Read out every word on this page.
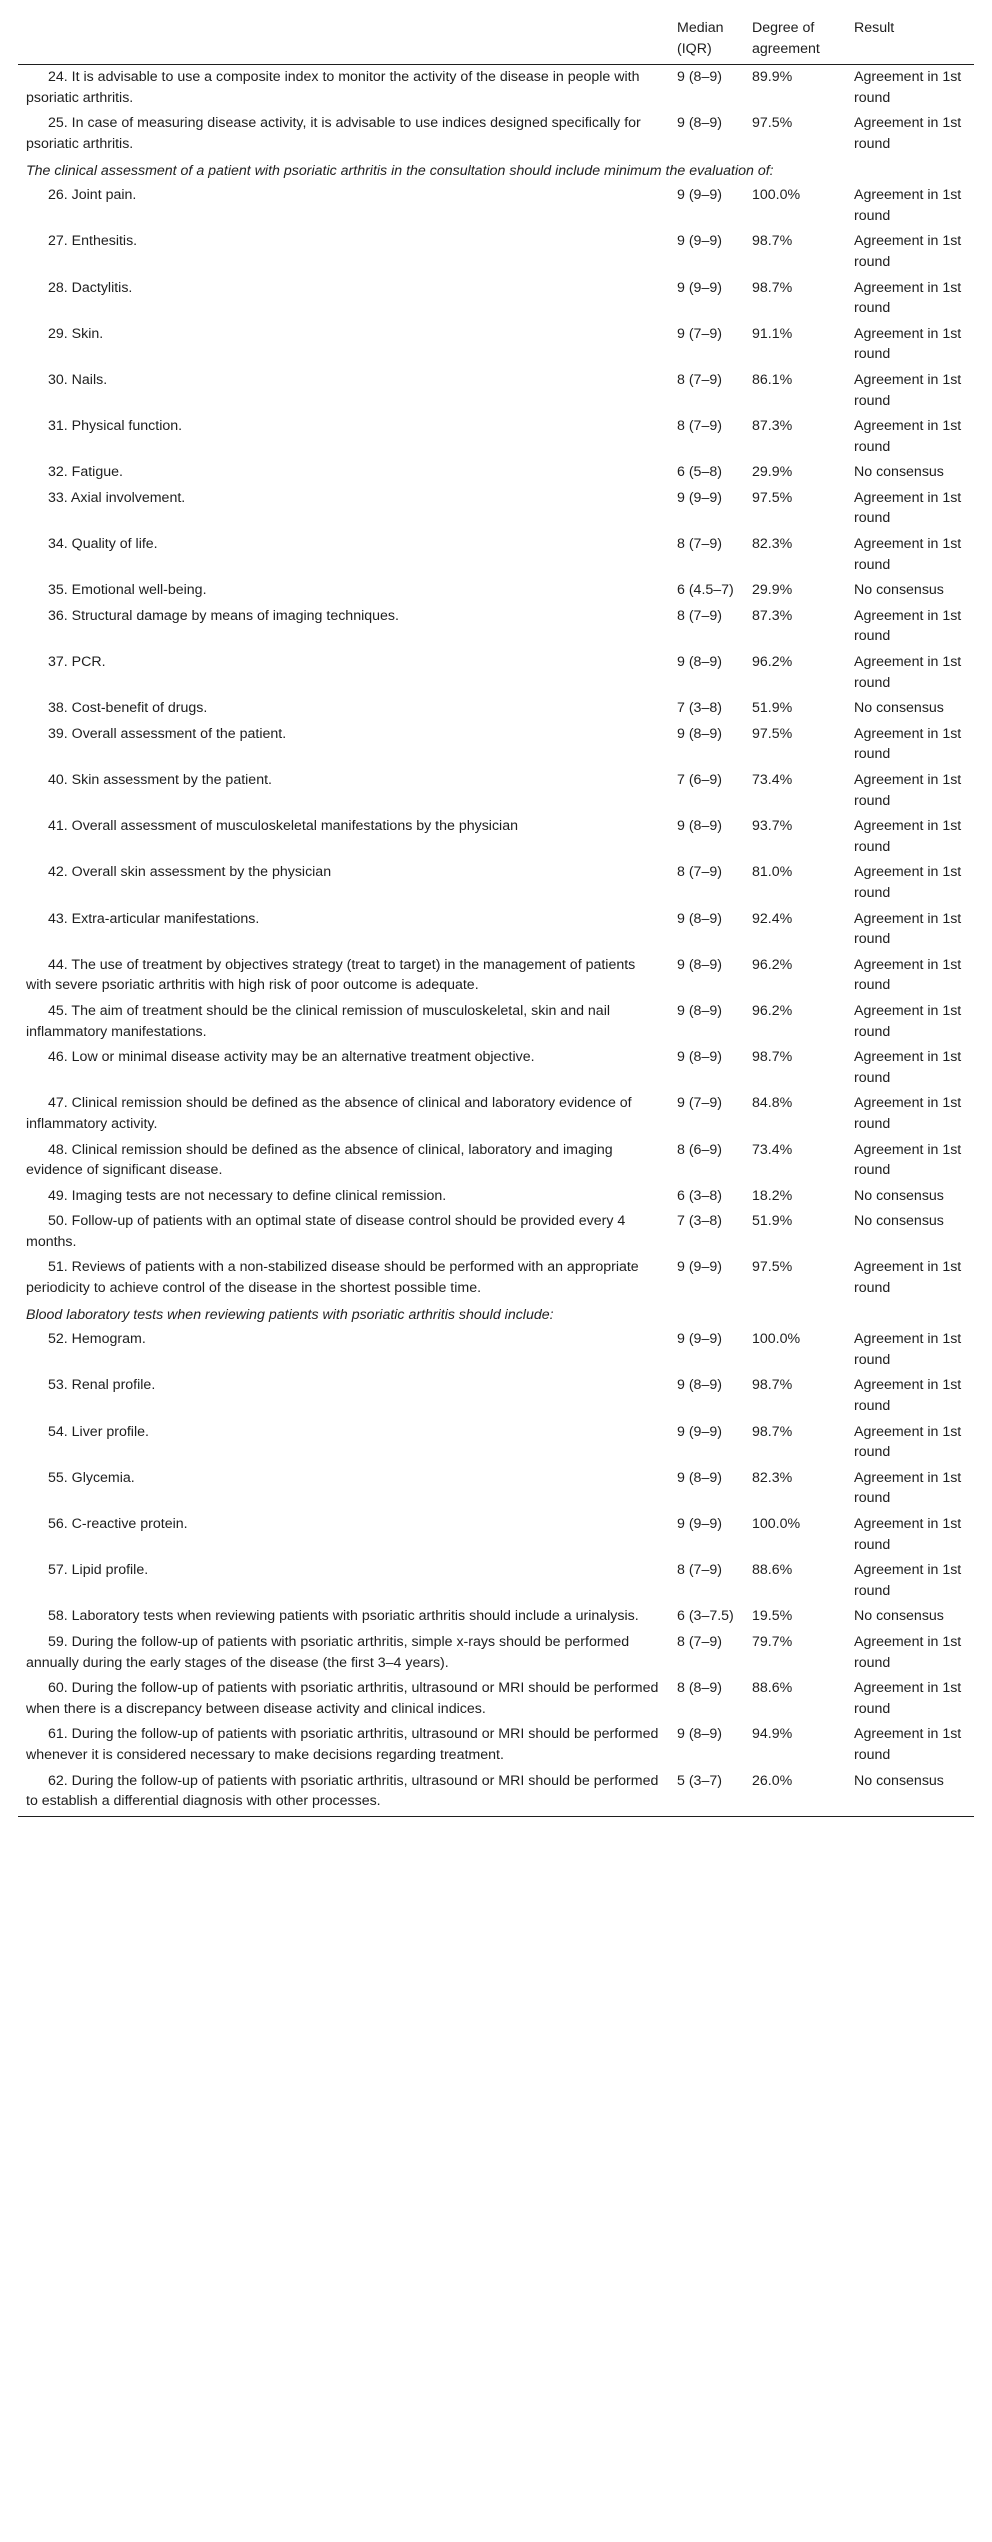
	Median (IQR)	Degree of agreement	Result
24. It is advisable to use a composite index to monitor the activity of the disease in people with psoriatic arthritis.	9 (8–9)	89.9%	Agreement in 1st round
25. In case of measuring disease activity, it is advisable to use indices designed specifically for psoriatic arthritis.	9 (8–9)	97.5%	Agreement in 1st round
The clinical assessment of a patient with psoriatic arthritis in the consultation should include minimum the evaluation of:			
26. Joint pain.	9 (9–9)	100.0%	Agreement in 1st round
27. Enthesitis.	9 (9–9)	98.7%	Agreement in 1st round
28. Dactylitis.	9 (9–9)	98.7%	Agreement in 1st round
29. Skin.	9 (7–9)	91.1%	Agreement in 1st round
30. Nails.	8 (7–9)	86.1%	Agreement in 1st round
31. Physical function.	8 (7–9)	87.3%	Agreement in 1st round
32. Fatigue.	6 (5–8)	29.9%	No consensus
33. Axial involvement.	9 (9–9)	97.5%	Agreement in 1st round
34. Quality of life.	8 (7–9)	82.3%	Agreement in 1st round
35. Emotional well-being.	6 (4.5–7)	29.9%	No consensus
36. Structural damage by means of imaging techniques.	8 (7–9)	87.3%	Agreement in 1st round
37. PCR.	9 (8–9)	96.2%	Agreement in 1st round
38. Cost-benefit of drugs.	7 (3–8)	51.9%	No consensus
39. Overall assessment of the patient.	9 (8–9)	97.5%	Agreement in 1st round
40. Skin assessment by the patient.	7 (6–9)	73.4%	Agreement in 1st round
41. Overall assessment of musculoskeletal manifestations by the physician	9 (8–9)	93.7%	Agreement in 1st round
42. Overall skin assessment by the physician	8 (7–9)	81.0%	Agreement in 1st round
43. Extra-articular manifestations.	9 (8–9)	92.4%	Agreement in 1st round
44. The use of treatment by objectives strategy (treat to target) in the management of patients with severe psoriatic arthritis with high risk of poor outcome is adequate.	9 (8–9)	96.2%	Agreement in 1st round
45. The aim of treatment should be the clinical remission of musculoskeletal, skin and nail inflammatory manifestations.	9 (8–9)	96.2%	Agreement in 1st round
46. Low or minimal disease activity may be an alternative treatment objective.	9 (8–9)	98.7%	Agreement in 1st round
47. Clinical remission should be defined as the absence of clinical and laboratory evidence of inflammatory activity.	9 (7–9)	84.8%	Agreement in 1st round
48. Clinical remission should be defined as the absence of clinical, laboratory and imaging evidence of significant disease.	8 (6–9)	73.4%	Agreement in 1st round
49. Imaging tests are not necessary to define clinical remission.	6 (3–8)	18.2%	No consensus
50. Follow-up of patients with an optimal state of disease control should be provided every 4 months.	7 (3–8)	51.9%	No consensus
51. Reviews of patients with a non-stabilized disease should be performed with an appropriate periodicity to achieve control of the disease in the shortest possible time.	9 (9–9)	97.5%	Agreement in 1st round
Blood laboratory tests when reviewing patients with psoriatic arthritis should include:			
52. Hemogram.	9 (9–9)	100.0%	Agreement in 1st round
53. Renal profile.	9 (8–9)	98.7%	Agreement in 1st round
54. Liver profile.	9 (9–9)	98.7%	Agreement in 1st round
55. Glycemia.	9 (8–9)	82.3%	Agreement in 1st round
56. C-reactive protein.	9 (9–9)	100.0%	Agreement in 1st round
57. Lipid profile.	8 (7–9)	88.6%	Agreement in 1st round
58. Laboratory tests when reviewing patients with psoriatic arthritis should include a urinalysis.	6 (3–7.5)	19.5%	No consensus
59. During the follow-up of patients with psoriatic arthritis, simple x-rays should be performed annually during the early stages of the disease (the first 3–4 years).	8 (7–9)	79.7%	Agreement in 1st round
60. During the follow-up of patients with psoriatic arthritis, ultrasound or MRI should be performed when there is a discrepancy between disease activity and clinical indices.	8 (8–9)	88.6%	Agreement in 1st round
61. During the follow-up of patients with psoriatic arthritis, ultrasound or MRI should be performed whenever it is considered necessary to make decisions regarding treatment.	9 (8–9)	94.9%	Agreement in 1st round
62. During the follow-up of patients with psoriatic arthritis, ultrasound or MRI should be performed to establish a differential diagnosis with other processes.	5 (3–7)	26.0%	No consensus
